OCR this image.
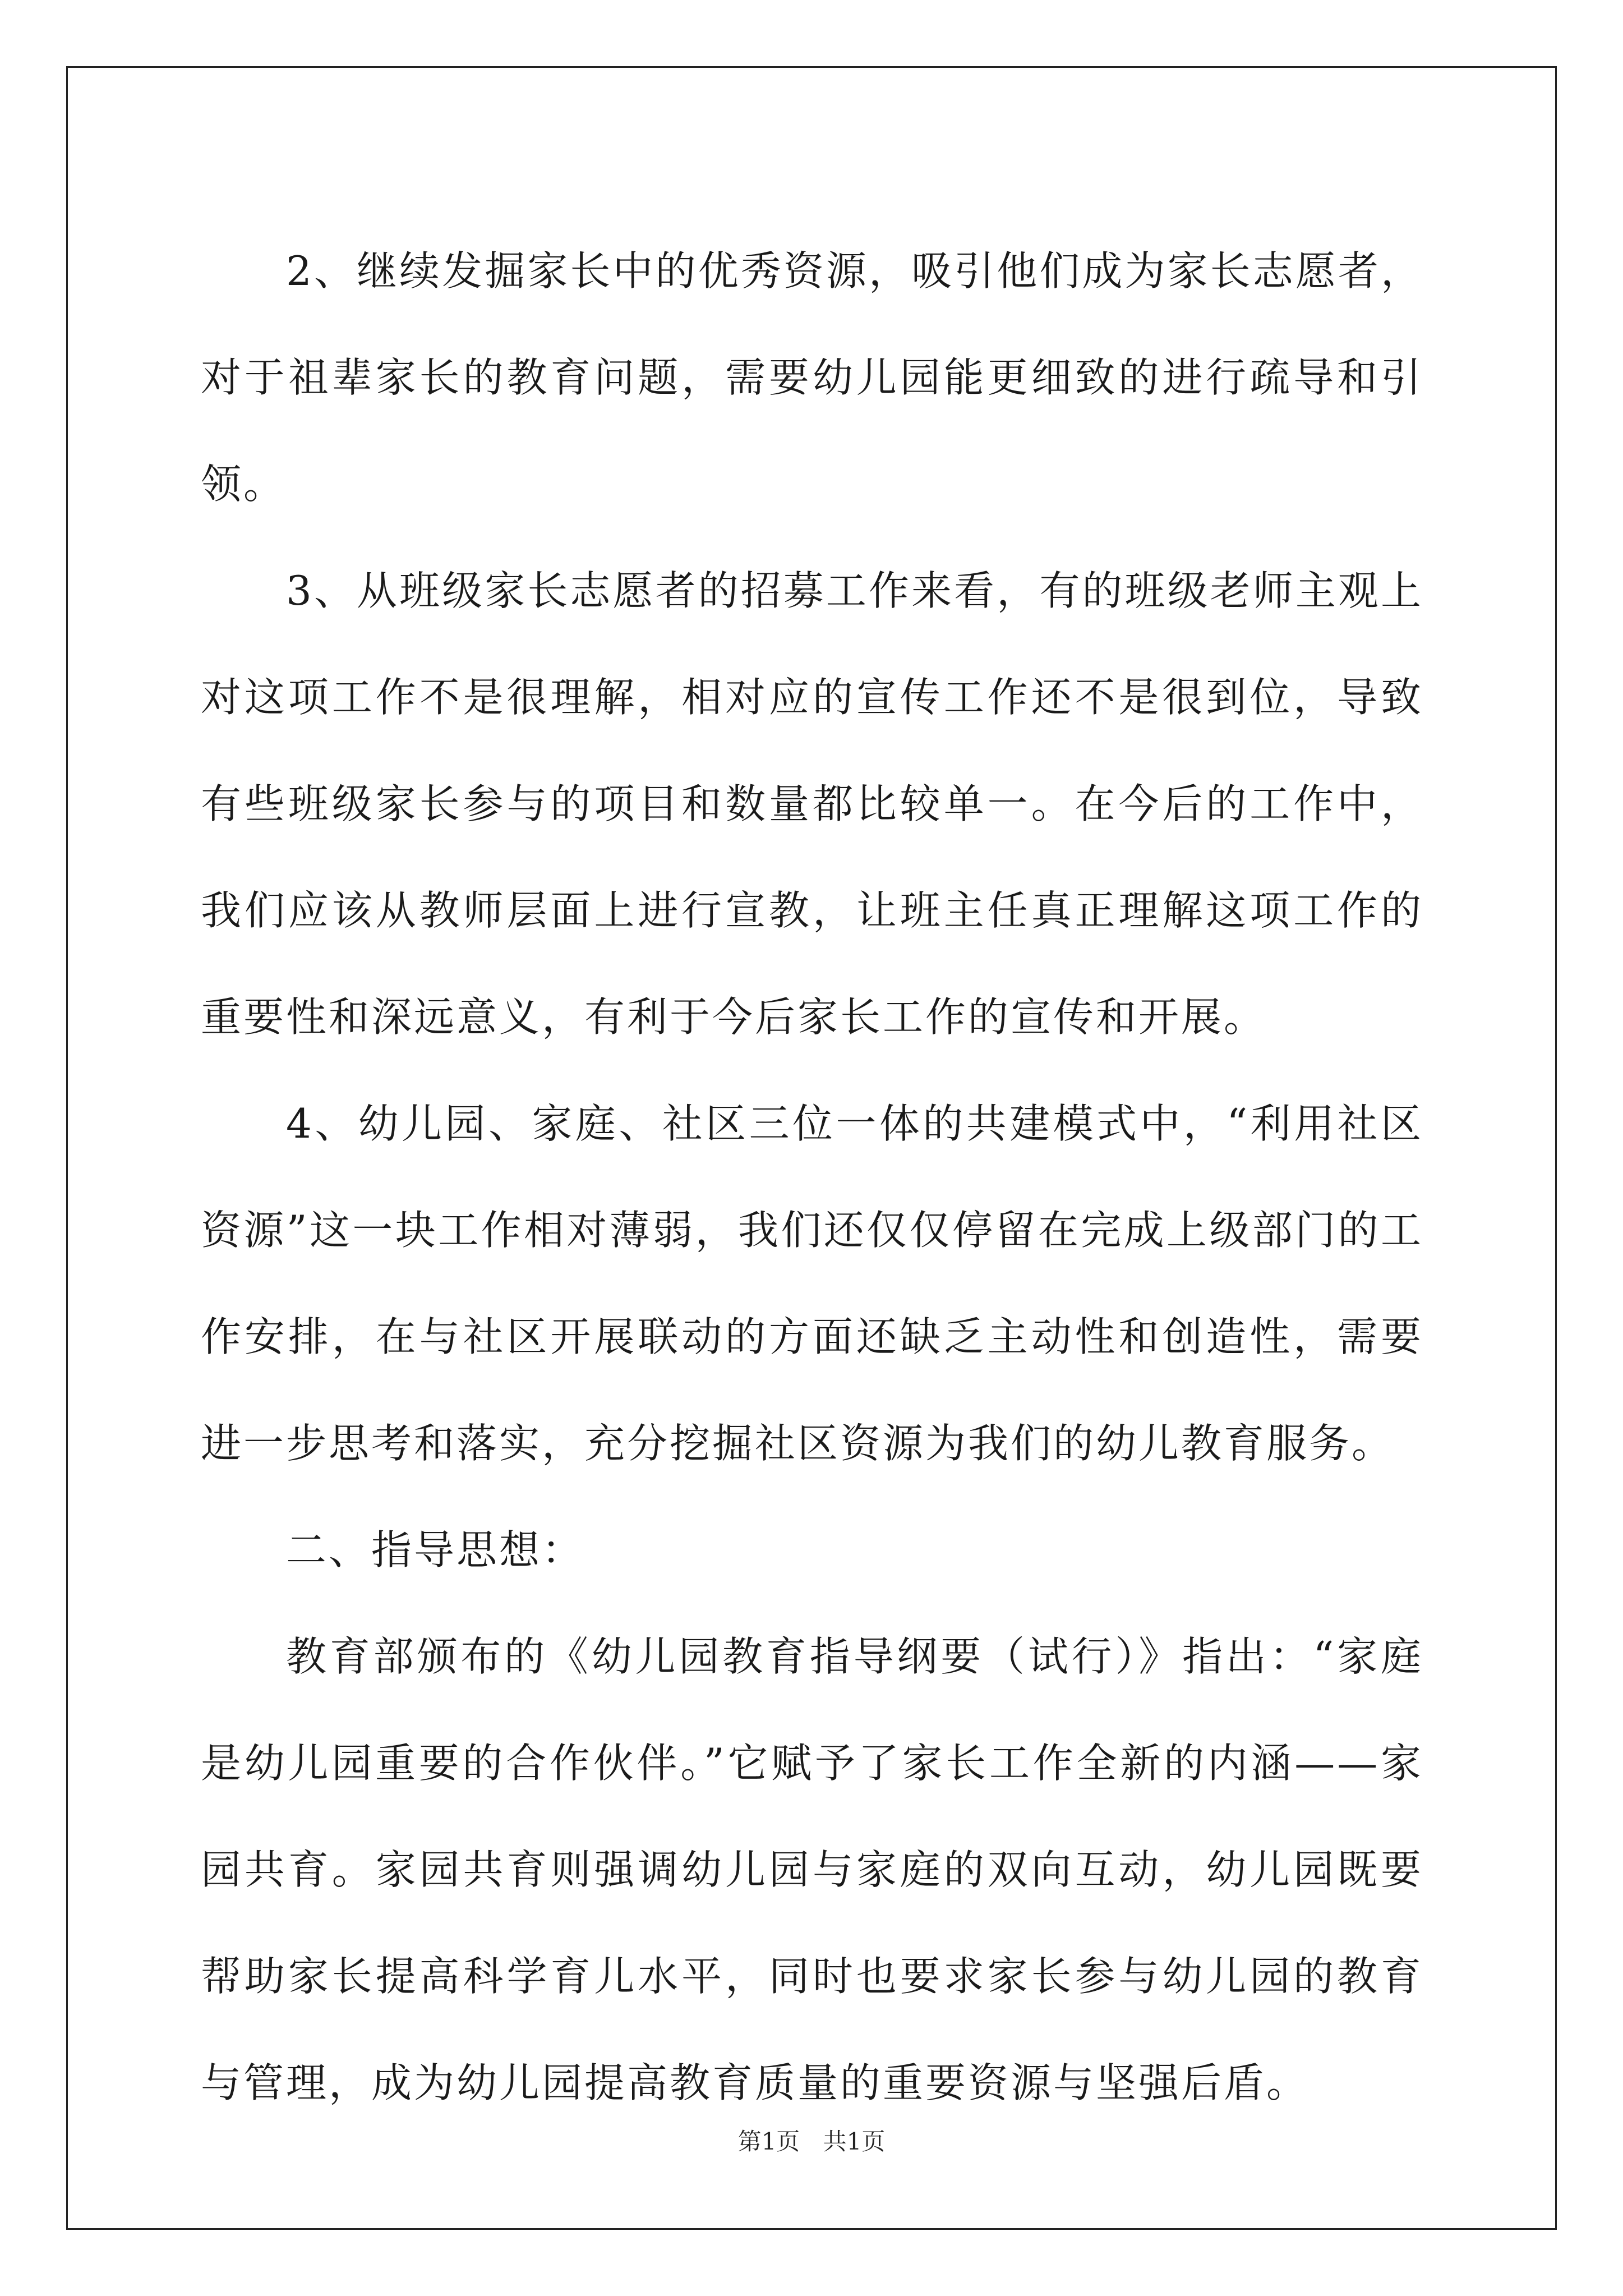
2、继续发掘家长中的优秀资源，吸引他们成为家长志愿者，对于祖辈家长的教育问题，需要幼儿园能更细致的进行疏导和引领。

3、从班级家长志愿者的招募工作来看，有的班级老师主观上对这项工作不是很理解，相对应的宣传工作还不是很到位，导致有些班级家长参与的项目和数量都比较单一。在今后的工作中，我们应该从教师层面上进行宣教，让班主任真正理解这项工作的重要性和深远意义，有利于今后家长工作的宣传和开展。

4、幼儿园、家庭、社区三位一体的共建模式中，“利用社区资源”这一块工作相对薄弱，我们还仅仅停留在完成上级部门的工作安排，在与社区开展联动的方面还缺乏主动性和创造性，需要进一步思考和落实，充分挖掘社区资源为我们的幼儿教育服务。

二、指导思想：

教育部颁布的《幼儿园教育指导纲要（试行）》指出：“家庭是幼儿园重要的合作伙伴。”它赋予了家长工作全新的内涵——家园共育。家园共育则强调幼儿园与家庭的双向互动，幼儿园既要帮助家长提高科学育儿水平，同时也要求家长参与幼儿园的教育与管理，成为幼儿园提高教育质量的重要资源与坚强后盾。

第1页 共1页
